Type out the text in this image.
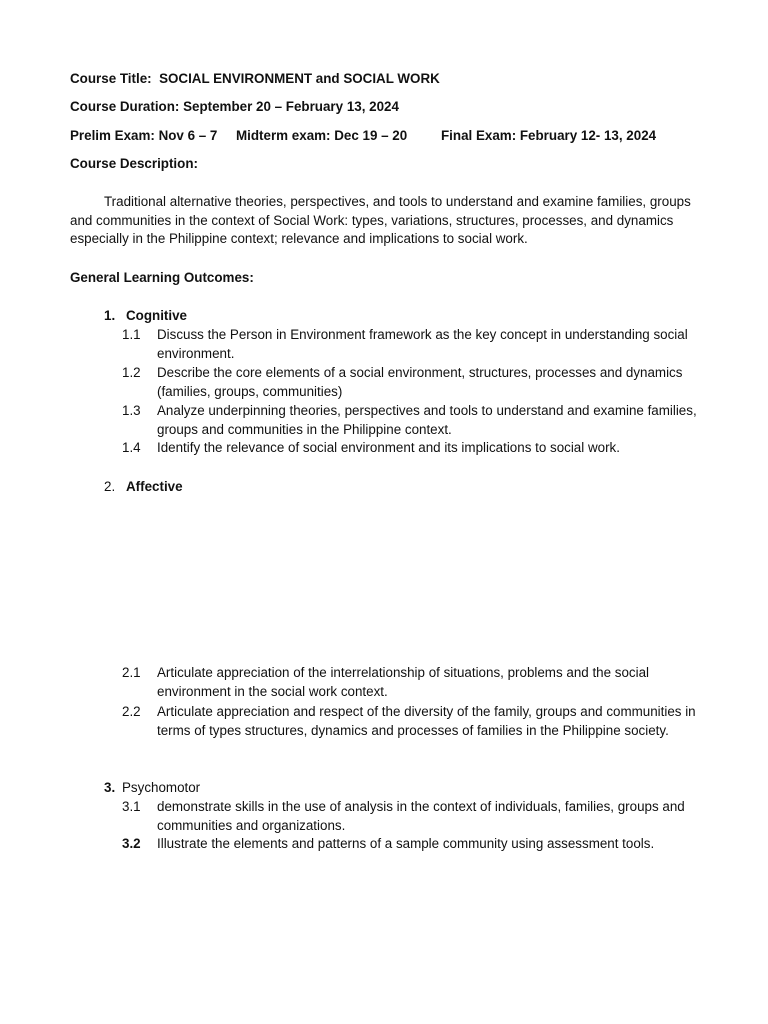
Course Title: SOCIAL ENVIRONMENT and SOCIAL WORK
Course Duration: September 20 – February 13, 2024
Prelim Exam: Nov 6 – 7 Midterm exam: Dec 19 – 20	Final Exam: February 12- 13, 2024
Course Description:
Traditional alternative theories, perspectives, and tools to understand and examine families, groups and communities in the context of Social Work: types, variations, structures, processes, and dynamics especially in the Philippine context; relevance and implications to social work.
General Learning Outcomes:
1. Cognitive
1.1 Discuss the Person in Environment framework as the key concept in understanding social environment.
1.2 Describe the core elements of a social environment, structures, processes and dynamics (families, groups, communities)
1.3 Analyze underpinning theories, perspectives and tools to understand and examine families, groups and communities in the Philippine context.
1.4 Identify the relevance of social environment and its implications to social work.
2. Affective
2.1 Articulate appreciation of the interrelationship of situations, problems and the social environment in the social work context.
2.2 Articulate appreciation and respect of the diversity of the family, groups and communities in terms of types structures, dynamics and processes of families in the Philippine society.
3. Psychomotor
3.1 demonstrate skills in the use of analysis in the context of individuals, families, groups and communities and organizations.
3.2 Illustrate the elements and patterns of a sample community using assessment tools.
